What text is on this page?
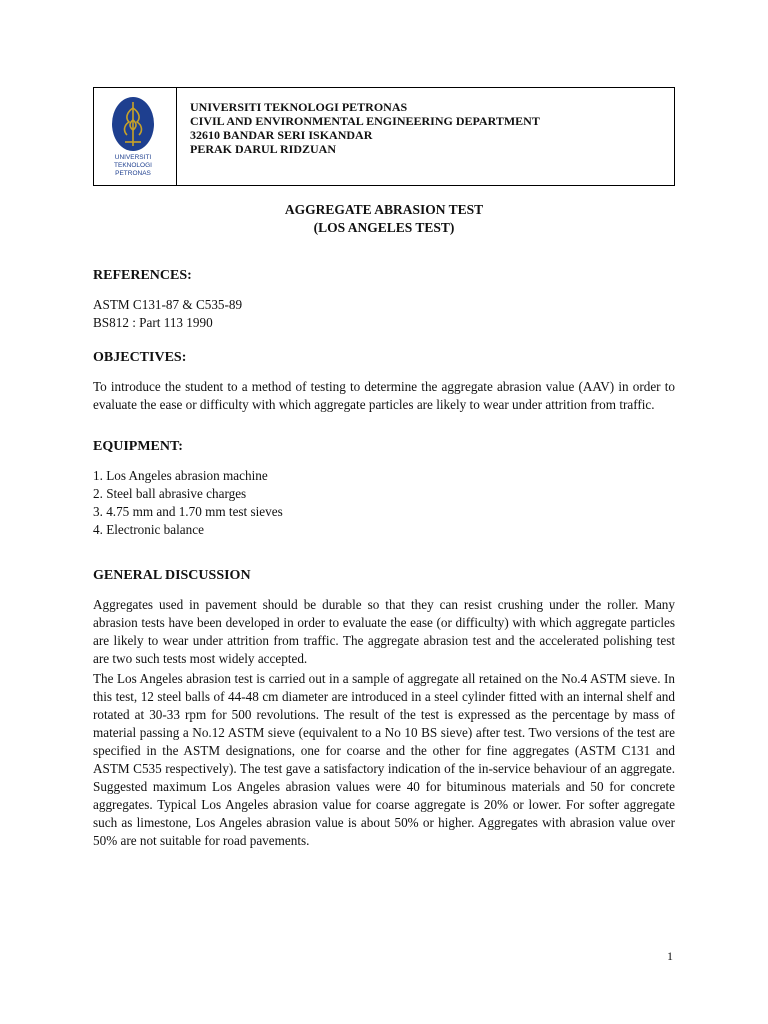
UNIVERSITI
TEKNOLOGI
PETRONAS
UNIVERSITI TEKNOLOGI PETRONAS
CIVIL AND ENVIRONMENTAL ENGINEERING DEPARTMENT
32610 BANDAR SERI ISKANDAR
PERAK DARUL RIDZUAN
AGGREGATE ABRASION TEST
(LOS ANGELES TEST)
REFERENCES:
ASTM C131-87 & C535-89
BS812 : Part 113 1990
OBJECTIVES:
To introduce the student to a method of testing to determine the aggregate abrasion value (AAV) in order to evaluate the ease or difficulty with which aggregate particles are likely to wear under attrition from traffic.
EQUIPMENT:
1. Los Angeles abrasion machine
2. Steel ball abrasive charges
3. 4.75 mm and 1.70 mm test sieves
4. Electronic balance
GENERAL DISCUSSION
Aggregates used in pavement should be durable so that they can resist crushing under the roller. Many abrasion tests have been developed in order to evaluate the ease (or difficulty) with which aggregate particles are likely to wear under attrition from traffic. The aggregate abrasion test and the accelerated polishing test are two such tests most widely accepted.
The Los Angeles abrasion test is carried out in a sample of aggregate all retained on the No.4 ASTM sieve. In this test, 12 steel balls of 44-48 cm diameter are introduced in a steel cylinder fitted with an internal shelf and rotated at 30-33 rpm for 500 revolutions. The result of the test is expressed as the percentage by mass of material passing a No.12 ASTM sieve (equivalent to a No 10 BS sieve) after test. Two versions of the test are specified in the ASTM designations, one for coarse and the other for fine aggregates (ASTM C131 and ASTM C535 respectively). The test gave a satisfactory indication of the in-service behaviour of an aggregate. Suggested maximum Los Angeles abrasion values were 40 for bituminous materials and 50 for concrete aggregates. Typical Los Angeles abrasion value for coarse aggregate is 20% or lower. For softer aggregate such as limestone, Los Angeles abrasion value is about 50% or higher. Aggregates with abrasion value over 50% are not suitable for road pavements.
1
